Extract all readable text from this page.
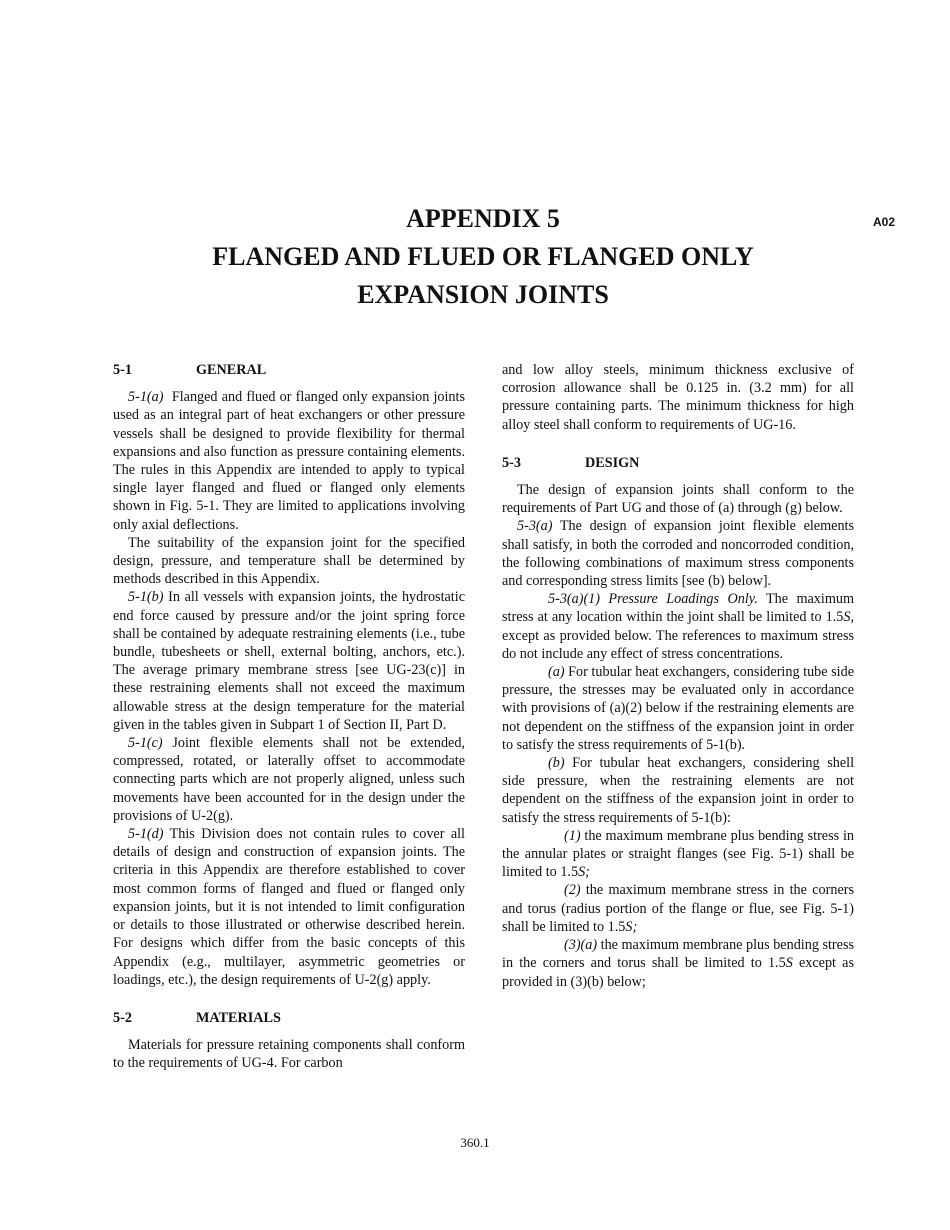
A02
APPENDIX 5
FLANGED AND FLUED OR FLANGED ONLY
EXPANSION JOINTS
5-1	GENERAL

5-1(a) Flanged and flued or flanged only expansion joints used as an integral part of heat exchangers or other pressure vessels shall be designed to provide flexibility for thermal expansions and also function as pressure containing elements. The rules in this Appendix are intended to apply to typical single layer flanged and flued or flanged only elements shown in Fig. 5-1. They are limited to applications involving only axial deflections.

The suitability of the expansion joint for the specified design, pressure, and temperature shall be determined by methods described in this Appendix.

5-1(b) In all vessels with expansion joints, the hydrostatic end force caused by pressure and/or the joint spring force shall be contained by adequate restraining elements (i.e., tube bundle, tubesheets or shell, external bolting, anchors, etc.). The average primary membrane stress [see UG-23(c)] in these restraining elements shall not exceed the maximum allowable stress at the design temperature for the material given in the tables given in Subpart 1 of Section II, Part D.

5-1(c) Joint flexible elements shall not be extended, compressed, rotated, or laterally offset to accommodate connecting parts which are not properly aligned, unless such movements have been accounted for in the design under the provisions of U-2(g).

5-1(d) This Division does not contain rules to cover all details of design and construction of expansion joints. The criteria in this Appendix are therefore established to cover most common forms of flanged and flued or flanged only expansion joints, but it is not intended to limit configuration or details to those illustrated or otherwise described herein. For designs which differ from the basic concepts of this Appendix (e.g., multilayer, asymmetric geometries or loadings, etc.), the design requirements of U-2(g) apply.

5-2	MATERIALS

Materials for pressure retaining components shall conform to the requirements of UG-4. For carbon

and low alloy steels, minimum thickness exclusive of corrosion allowance shall be 0.125 in. (3.2 mm) for all pressure containing parts. The minimum thickness for high alloy steel shall conform to requirements of UG-16.

5-3	DESIGN

The design of expansion joints shall conform to the requirements of Part UG and those of (a) through (g) below.

5-3(a) The design of expansion joint flexible elements shall satisfy, in both the corroded and noncorroded condition, the following combinations of maximum stress components and corresponding stress limits [see (b) below].

5-3(a)(1) Pressure Loadings Only. The maximum stress at any location within the joint shall be limited to 1.5S, except as provided below. The references to maximum stress do not include any effect of stress concentrations.

(a) For tubular heat exchangers, considering tube side pressure, the stresses may be evaluated only in accordance with provisions of (a)(2) below if the restraining elements are not dependent on the stiffness of the expansion joint in order to satisfy the stress requirements of 5-1(b).

(b) For tubular heat exchangers, considering shell side pressure, when the restraining elements are not dependent on the stiffness of the expansion joint in order to satisfy the stress requirements of 5-1(b):

(1) the maximum membrane plus bending stress in the annular plates or straight flanges (see Fig. 5-1) shall be limited to 1.5S;

(2) the maximum membrane stress in the corners and torus (radius portion of the flange or flue, see Fig. 5-1) shall be limited to 1.5S;

(3)(a) the maximum membrane plus bending stress in the corners and torus shall be limited to 1.5S except as provided in (3)(b) below;

360.1
